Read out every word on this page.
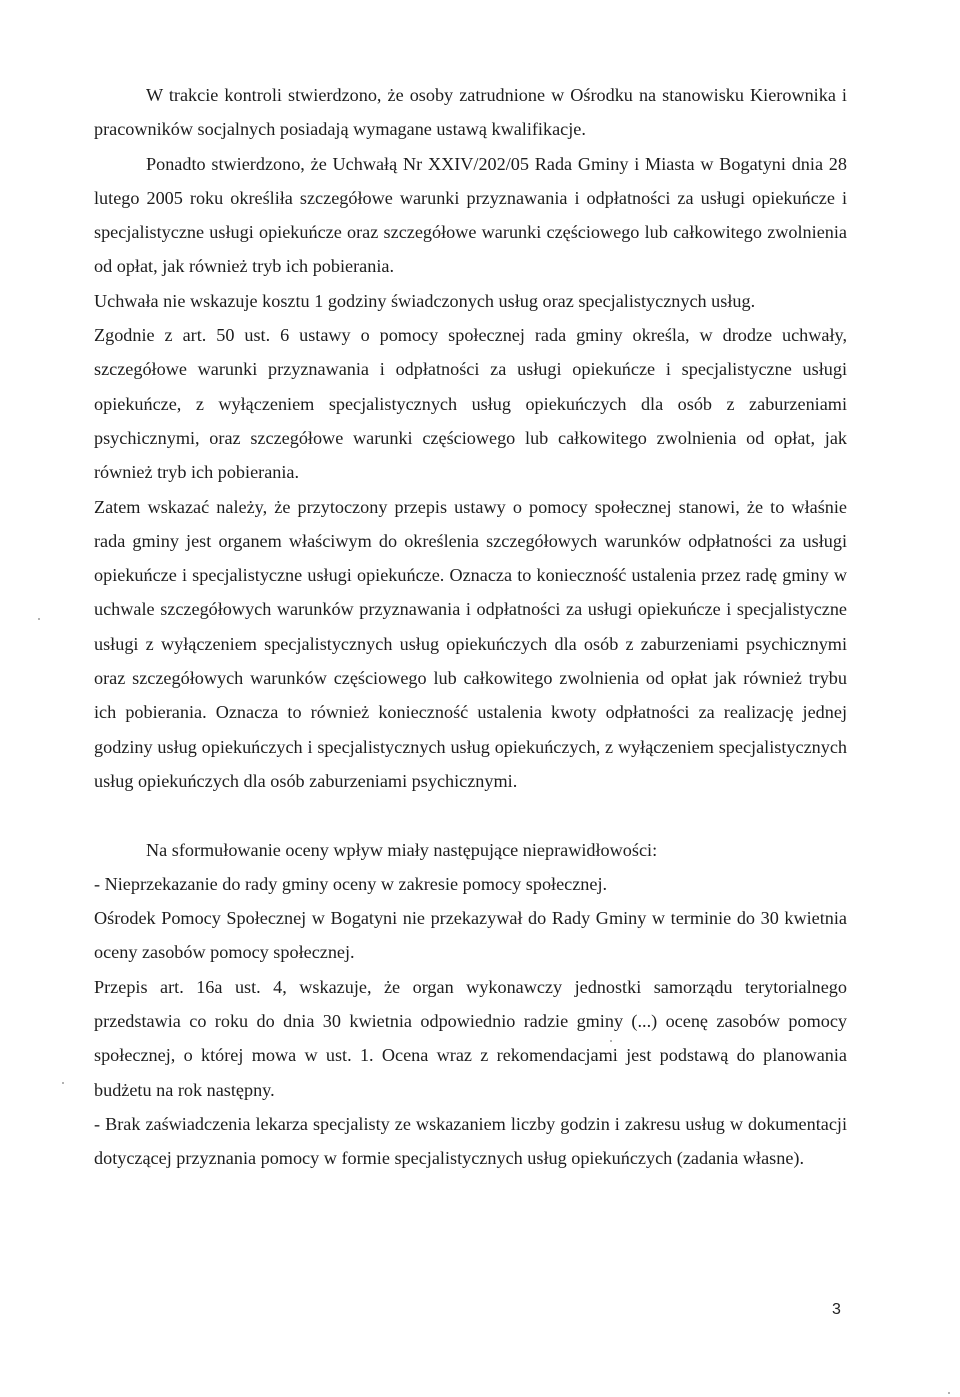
W trakcie kontroli stwierdzono, że osoby zatrudnione w Ośrodku na stanowisku Kierownika i pracowników socjalnych posiadają wymagane ustawą kwalifikacje.

Ponadto stwierdzono, że Uchwałą Nr XXIV/202/05 Rada Gminy i Miasta w Bogatyni dnia 28 lutego 2005 roku określiła szczegółowe warunki przyznawania i odpłatności za usługi opiekuńcze i specjalistyczne usługi opiekuńcze oraz szczegółowe warunki częściowego lub całkowitego zwolnienia od opłat, jak również tryb ich pobierania.

Uchwała nie wskazuje kosztu 1 godziny świadczonych usług oraz specjalistycznych usług.

Zgodnie z art. 50 ust. 6 ustawy o pomocy społecznej rada gminy określa, w drodze uchwały, szczegółowe warunki przyznawania i odpłatności za usługi opiekuńcze i specjalistyczne usługi opiekuńcze, z wyłączeniem specjalistycznych usług opiekuńczych dla osób z zaburzeniami psychicznymi, oraz szczegółowe warunki częściowego lub całkowitego zwolnienia od opłat, jak również tryb ich pobierania.

Zatem wskazać należy, że przytoczony przepis ustawy o pomocy społecznej stanowi, że to właśnie rada gminy jest organem właściwym do określenia szczegółowych warunków odpłatności za usługi opiekuńcze i specjalistyczne usługi opiekuńcze. Oznacza to konieczność ustalenia przez radę gminy w uchwale szczegółowych warunków przyznawania i odpłatności za usługi opiekuńcze i specjalistyczne usługi z wyłączeniem specjalistycznych usług opiekuńczych dla osób z zaburzeniami psychicznymi oraz szczegółowych warunków częściowego lub całkowitego zwolnienia od opłat jak również trybu ich pobierania. Oznacza to również konieczność ustalenia kwoty odpłatności za realizację jednej godziny usług opiekuńczych i specjalistycznych usług opiekuńczych, z wyłączeniem specjalistycznych usług opiekuńczych dla osób zaburzeniami psychicznymi.

Na sformułowanie oceny wpływ miały następujące nieprawidłowości:

- Nieprzekazanie do rady gminy oceny w zakresie pomocy społecznej.

Ośrodek Pomocy Społecznej w Bogatyni nie przekazywał do Rady Gminy w terminie do 30 kwietnia oceny zasobów pomocy społecznej.

Przepis art. 16a ust. 4, wskazuje, że organ wykonawczy jednostki samorządu terytorialnego przedstawia co roku do dnia 30 kwietnia odpowiednio radzie gminy (...) ocenę zasobów pomocy społecznej, o której mowa w ust. 1. Ocena wraz z rekomendacjami jest podstawą do planowania budżetu na rok następny.

- Brak zaświadczenia lekarza specjalisty ze wskazaniem liczby godzin i zakresu usług w dokumentacji dotyczącej przyznania pomocy w formie specjalistycznych usług opiekuńczych (zadania własne).

3
